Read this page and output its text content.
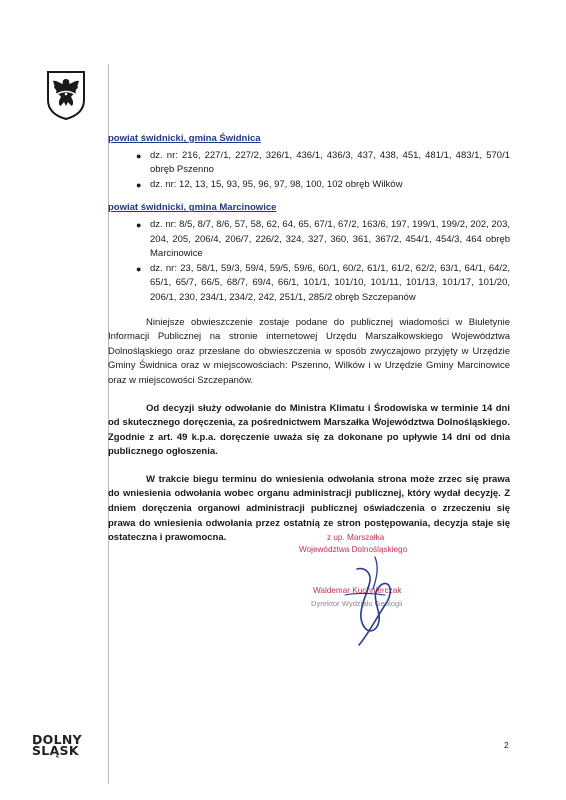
powiat świdnicki, gmina Świdnica
● dz. nr: 216, 227/1, 227/2, 326/1, 436/1, 436/3, 437, 438, 451, 481/1, 483/1, 570/1 obręb Pszenno
● dz. nr: 12, 13, 15, 93, 95, 96, 97, 98, 100, 102 obręb Wilków
powiat świdnicki, gmina Marcinowice
● dz. nr: 8/5, 8/7, 8/6, 57, 58, 62, 64, 65, 67/1, 67/2, 163/6, 197, 199/1, 199/2, 202, 203, 204, 205, 206/4, 206/7, 226/2, 324, 327, 360, 361, 367/2, 454/1, 454/3, 464 obręb Marcinowice
● dz. nr: 23, 58/1, 59/3, 59/4, 59/5, 59/6, 60/1, 60/2, 61/1, 61/2, 62/2, 63/1, 64/1, 64/2, 65/1, 65/7, 66/5, 68/7, 69/4, 66/1, 101/1, 101/10, 101/11, 101/13, 101/17, 101/20, 206/1, 230, 234/1, 234/2, 242, 251/1, 285/2 obręb Szczepanów

Niniejsze obwieszczenie zostaje podane do publicznej wiadomości w Biuletynie Informacji Publicznej na stronie internetowej Urzędu Marszałkowskiego Województwa Dolnośląskiego oraz przesłane do obwieszczenia w sposób zwyczajowo przyjęty w Urzędzie Gminy Świdnica oraz w miejscowościach: Pszenno, Wilków i w Urzędzie Gminy Marcinowice oraz w miejscowości Szczepanów.

Od decyzji służy odwołanie do Ministra Klimatu i Środowiska w terminie 14 dni od skutecznego doręczenia, za pośrednictwem Marszałka Województwa Dolnośląskiego. Zgodnie z art. 49 k.p.a. doręczenie uważa się za dokonane po upływie 14 dni od dnia publicznego ogłoszenia.

W trakcie biegu terminu do wniesienia odwołania strona może zrzec się prawa do wniesienia odwołania wobec organu administracji publicznej, który wydał decyzję. Z dniem doręczenia organowi administracji publicznej oświadczenia o zrzeczeniu się prawa do wniesienia odwołania przez ostatnią ze stron postępowania, decyzja staje się ostateczna i prawomocna.	z up. Marszałka
Województwa Dolnośląskiego
Waldemar Kuchnierczak
Dyrektor Wydziału Geologii
DOLNY
ŚLĄSK	2
